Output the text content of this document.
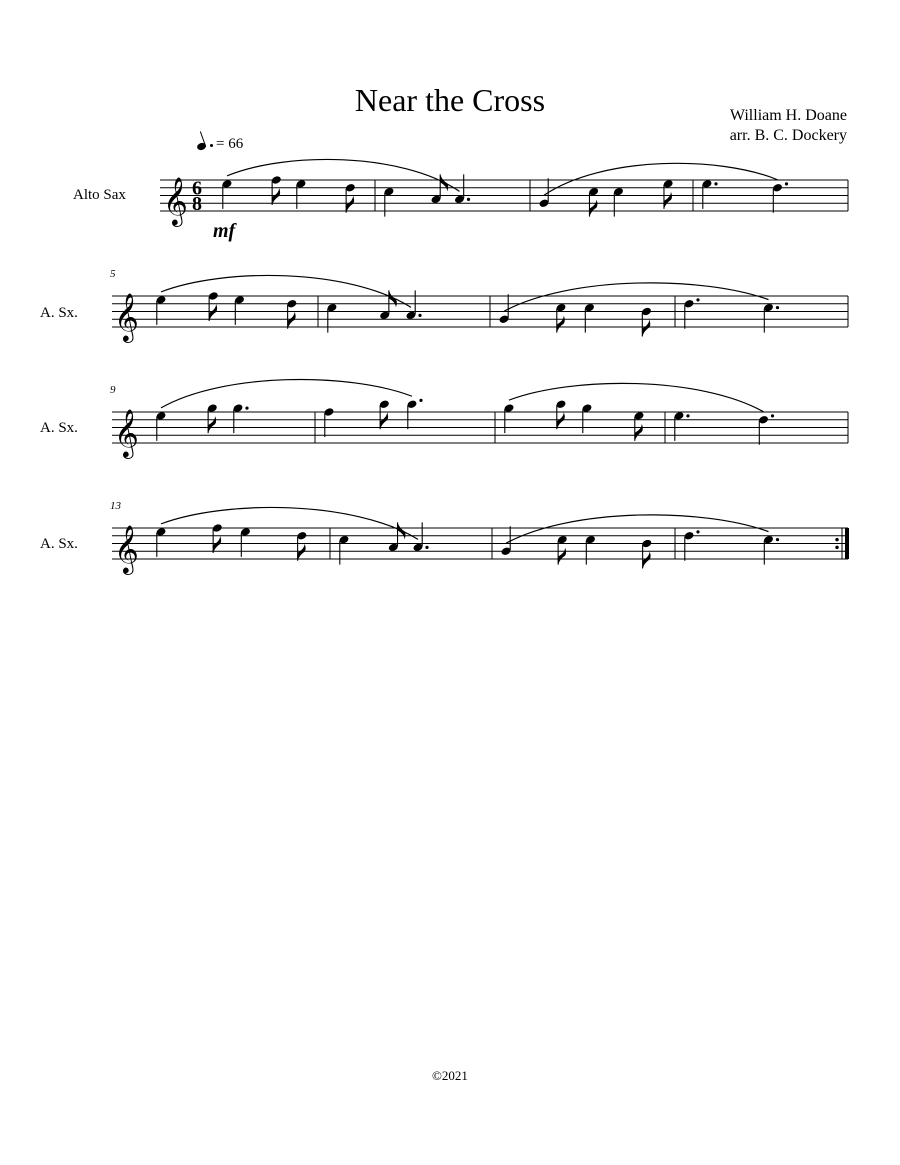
Near the Cross	William H. Doane
arr. B. C. Dockery
= 66
Alto Sax
A. Sx.
A. Sx.
A. Sx.
5
9
13
mf
©2021
𝄞 6
8
𝄞
𝄞
𝄞
